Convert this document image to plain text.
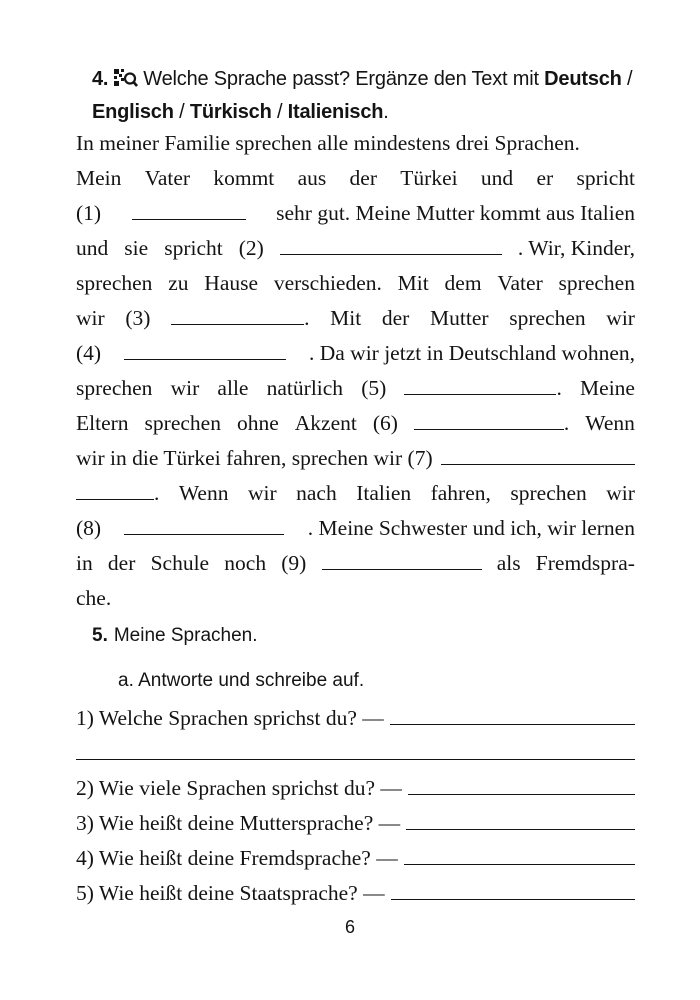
4. Welche Sprache passt? Ergänze den Text mit Deutsch /
Englisch / Türkisch / Italienisch.
In meiner Familie sprechen alle mindestens drei Sprachen.
Mein Vater kommt aus der Türkei und er spricht
(1)	sehr gut. Meine Mutter kommt aus Italien
und sie spricht (2)	. Wir, Kinder,
sprechen zu Hause verschieden. Mit dem Vater sprechen
wir (3)	. Mit der Mutter sprechen wir
(4)	. Da wir jetzt in Deutschland wohnen,
sprechen wir alle natürlich (5)	. Meine
Eltern sprechen ohne Akzent (6)	. Wenn
wir in die Türkei fahren, sprechen wir (7)
. Wenn wir nach Italien fahren, sprechen wir
(8)	. Meine Schwester und ich, wir lernen
in der Schule noch (9)	als Fremdspra-
che.
5. Meine Sprachen.
a. Antworte und schreibe auf.
1) Welche Sprachen sprichst du? —
2) Wie viele Sprachen sprichst du? —
3) Wie heißt deine Muttersprache? —
4) Wie heißt deine Fremdsprache? —
5) Wie heißt deine Staatsprache? —
6
